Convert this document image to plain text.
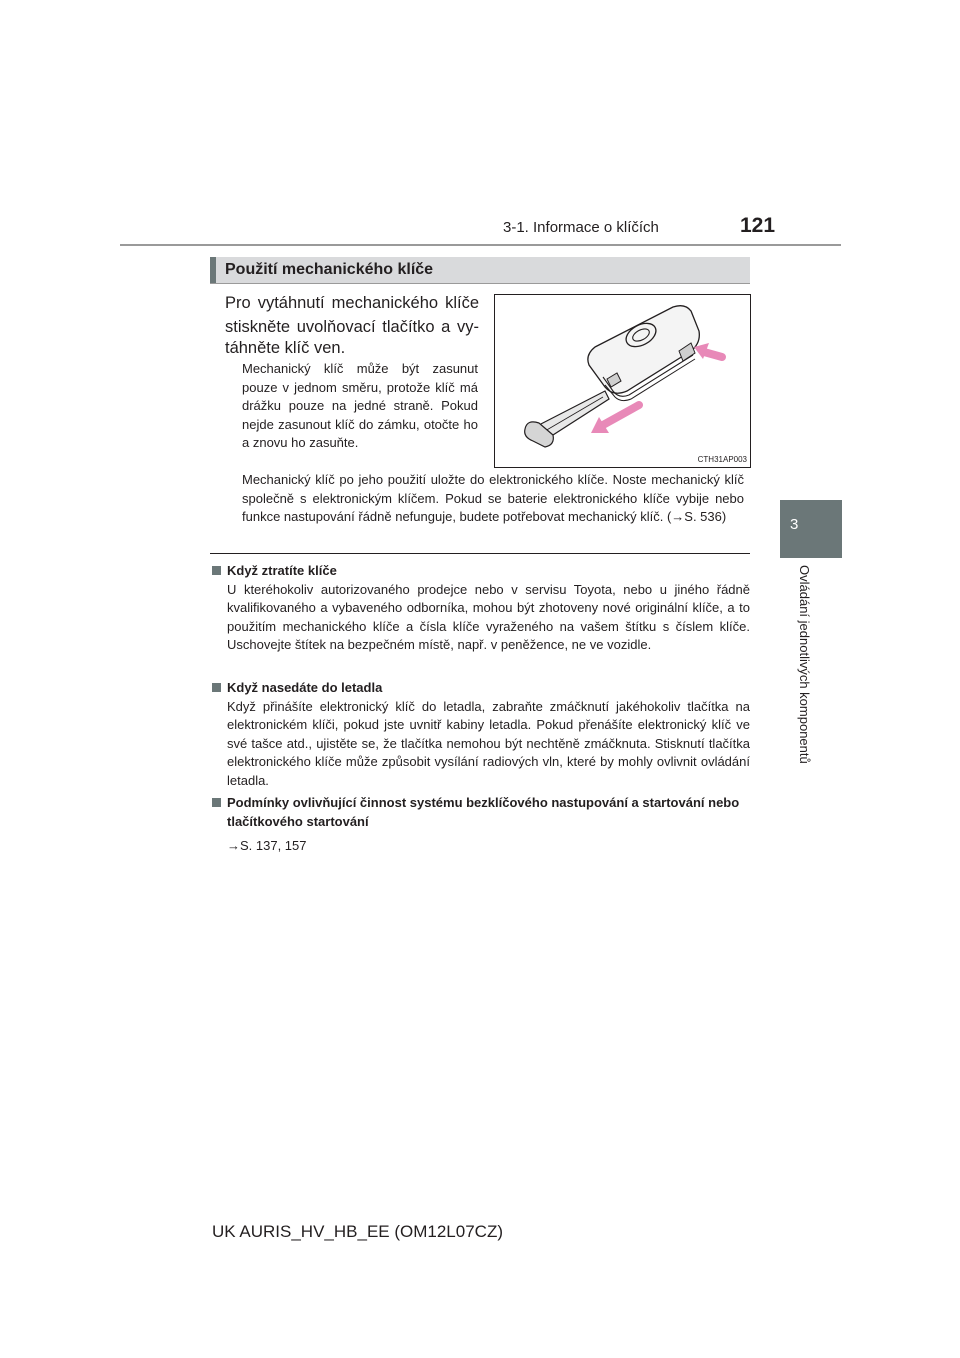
3-1. Informace o klíčích	121
3
Ovládání jednotlivých komponentů
Použití mechanického klíče
Pro vytáhnutí mechanického klíče
stiskněte uvolňovací tlačítko a vy-
táhněte klíč ven.
Mechanický klíč může být zasunut pouze v jednom směru, protože klíč má drážku pouze na jedné straně. Pokud nejde zasunout klíč do zámku, otočte ho a znovu ho zasuňte.
CTH31AP003
Mechanický klíč po jeho použití uložte do elektronického klíče. Noste mechanický klíč společně s elektronickým klíčem. Pokud se baterie elektronického klíče vybije nebo funkce nastupování řádně nefunguje, budete potřebovat mechanický klíč. (→S. 536)
Když ztratíte klíče
U kteréhokoliv autorizovaného prodejce nebo v servisu Toyota, nebo u jiného řádně kvalifikovaného a vybaveného odborníka, mohou být zhotoveny nové originální klíče, a to použitím mechanického klíče a čísla klíče vyraženého na vašem štítku s číslem klíče. Uschovejte štítek na bezpečném místě, např. v peněžence, ne ve vozidle.
Když nasedáte do letadla
Když přinášíte elektronický klíč do letadla, zabraňte zmáčknutí jakéhokoliv tlačítka na elektronickém klíči, pokud jste uvnitř kabiny letadla. Pokud přenášíte elektronický klíč ve své tašce atd., ujistěte se, že tlačítka nemohou být nechtěně zmáčknuta. Stisknutí tlačítka elektronického klíče může způsobit vysílání radiových vln, které by mohly ovlivnit ovládání letadla.
Podmínky ovlivňující činnost systému bezklíčového nastupování a startování nebo tlačítkového startování
→S. 137, 157
UK AURIS_HV_HB_EE (OM12L07CZ)
